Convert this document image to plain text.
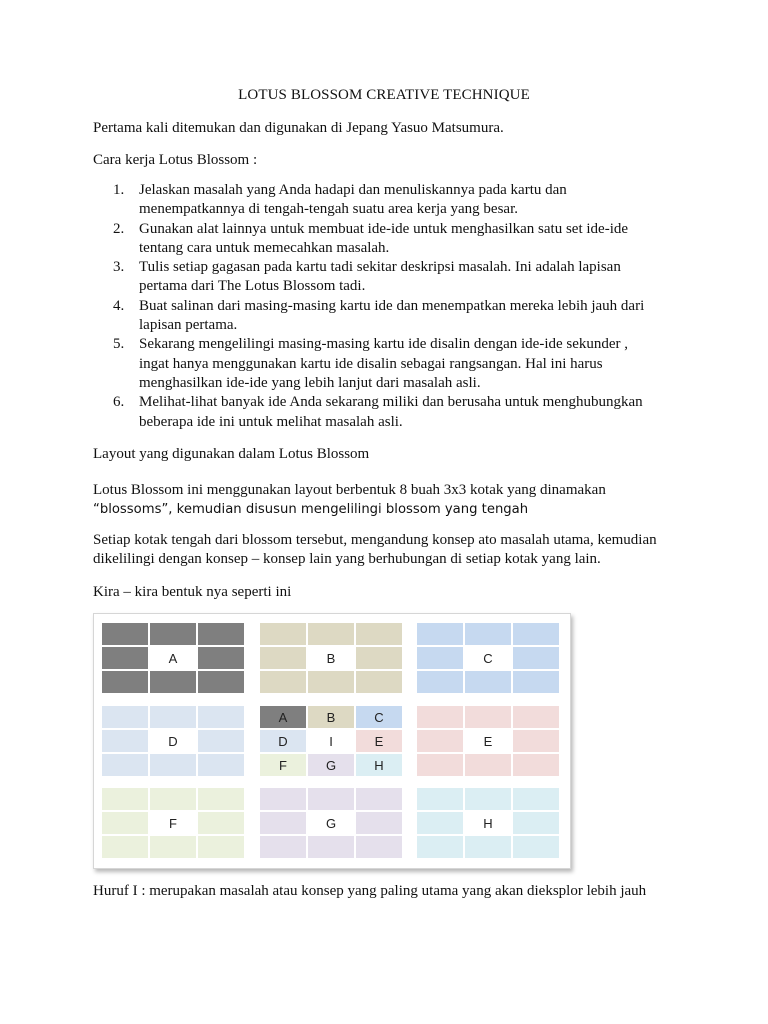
LOTUS BLOSSOM CREATIVE TECHNIQUE

Pertama kali ditemukan dan digunakan di Jepang Yasuo Matsumura.

Cara kerja Lotus Blossom :

1. Jelaskan masalah yang Anda hadapi dan menuliskannya pada kartu dan
menempatkannya di tengah-tengah suatu area kerja yang besar.
2. Gunakan alat lainnya untuk membuat ide-ide untuk menghasilkan satu set ide-ide
tentang cara untuk memecahkan masalah.
3. Tulis setiap gagasan pada kartu tadi sekitar deskripsi masalah. Ini adalah lapisan
pertama dari The Lotus Blossom tadi.
4. Buat salinan dari masing-masing kartu ide dan menempatkan mereka lebih jauh dari
lapisan pertama.
5. Sekarang mengelilingi masing-masing kartu ide disalin dengan ide-ide sekunder ,
ingat hanya menggunakan kartu ide disalin sebagai rangsangan. Hal ini harus
menghasilkan ide-ide yang lebih lanjut dari masalah asli.
6. Melihat-lihat banyak ide Anda sekarang miliki dan berusaha untuk menghubungkan
beberapa ide ini untuk melihat masalah asli.

Layout yang digunakan dalam Lotus Blossom

Lotus Blossom ini menggunakan layout berbentuk 8 buah 3x3 kotak yang dinamakan
“blossoms”, kemudian disusun mengelilingi blossom yang tengah

Setiap kotak tengah dari blossom tersebut, mengandung konsep ato masalah utama, kemudian
dikelilingi dengan konsep – konsep lain yang berhubungan di setiap kotak yang lain.

Kira – kira bentuk nya seperti ini

A	B	C
D
A	B	C
D	I	E
F	G	H
E
F	G	H

Huruf I : merupakan masalah atau konsep yang paling utama yang akan dieksplor lebih jauh
